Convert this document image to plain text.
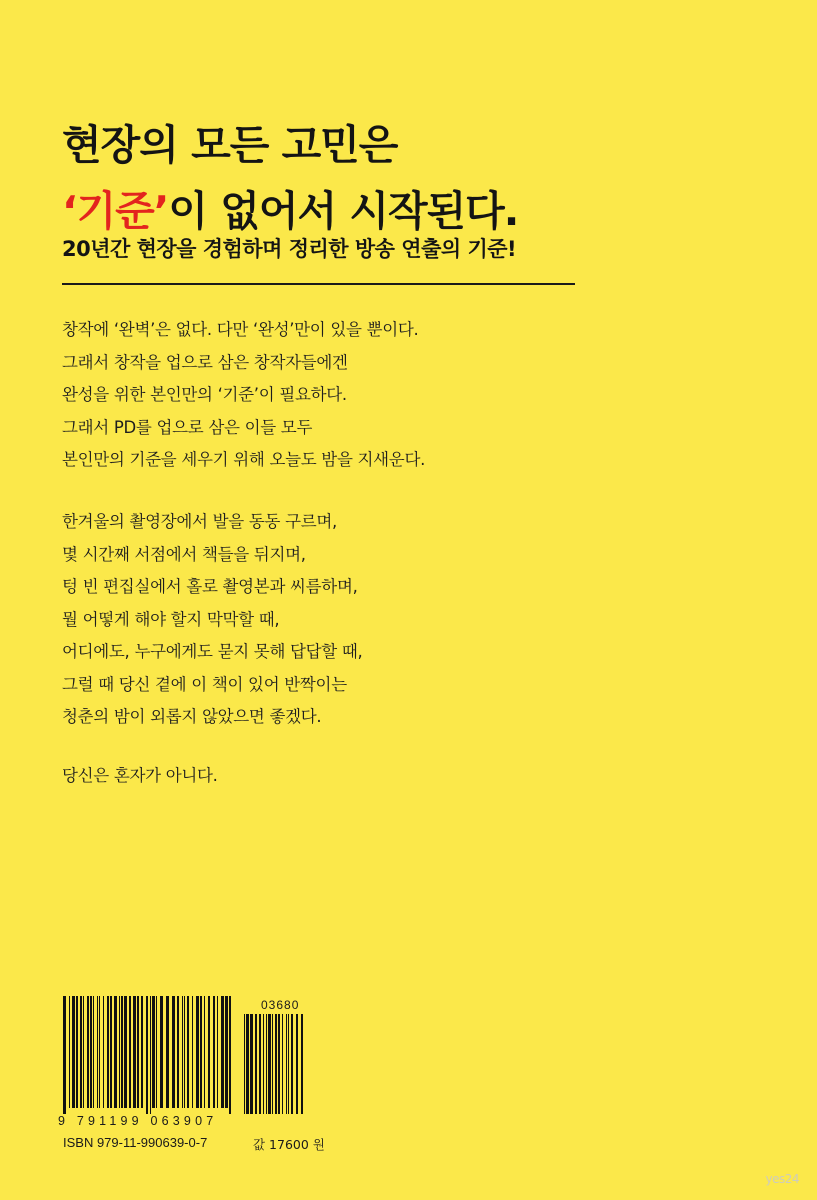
현장의 모든 고민은
‘기준’이 없어서 시작된다.
20년간 현장을 경험하며 정리한 방송 연출의 기준!
창작에 ‘완벽’은 없다. 다만 ‘완성’만이 있을 뿐이다.
그래서 창작을 업으로 삼은 창작자들에겐
완성을 위한 본인만의 ‘기준’이 필요하다.
그래서 PD를 업으로 삼은 이들 모두
본인만의 기준을 세우기 위해 오늘도 밤을 지새운다.
한겨울의 촬영장에서 발을 동동 구르며,
몇 시간째 서점에서 책들을 뒤지며,
텅 빈 편집실에서 홀로 촬영본과 씨름하며,
뭘 어떻게 해야 할지 막막할 때,
어디에도, 누구에게도 묻지 못해 답답할 때,
그럴 때 당신 곁에 이 책이 있어 반짝이는
청춘의 밤이 외롭지 않았으면 좋겠다.
당신은 혼자가 아니다.
03680
9 791199 063907
ISBN 979-11-990639-0-7	값 17600 원
yes24
